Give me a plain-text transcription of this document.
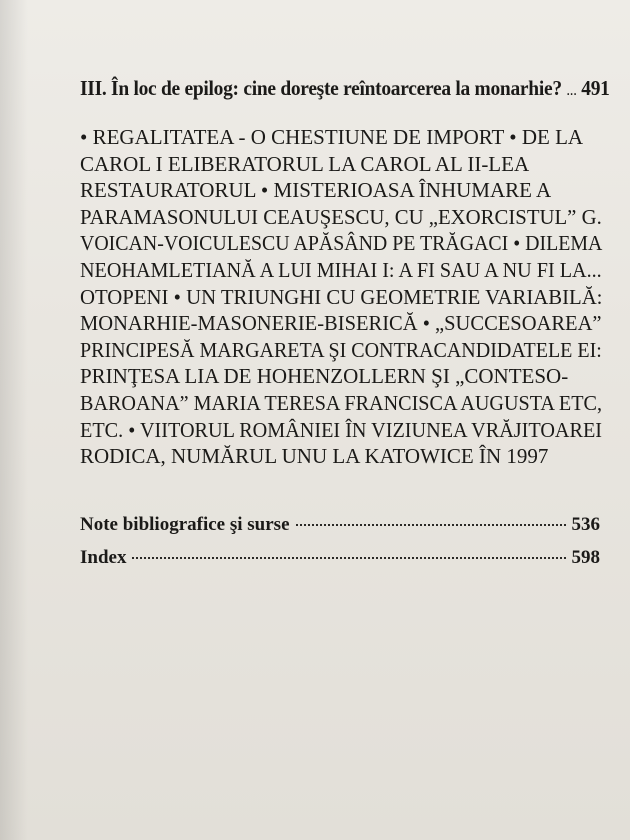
III. În loc de epilog: cine doreşte reîntoarcerea la monarhie? ... 491
• REGALITATEA - O CHESTIUNE DE IMPORT • DE LA
CAROL I ELIBERATORUL LA CAROL AL II-LEA
RESTAURATORUL • MISTERIOASA ÎNHUMARE A
PARAMASONULUI CEAUŞESCU, CU „EXORCISTUL” G.
VOICAN-VOICULESCU APĂSÂND PE TRĂGACI • DILEMA
NEOHAMLETIANĂ A LUI MIHAI I: A FI SAU A NU FI LA...
OTOPENI • UN TRIUNGHI CU GEOMETRIE VARIABILĂ:
MONARHIE-MASONERIE-BISERICĂ • „SUCCESOAREA”
PRINCIPESĂ MARGARETA ŞI CONTRACANDIDATELE EI:
PRINŢESA LIA DE HOHENZOLLERN ŞI „CONTESO-
BAROANA” MARIA TERESA FRANCISCA AUGUSTA ETC,
ETC. • VIITORUL ROMÂNIEI ÎN VIZIUNEA VRĂJITOAREI
RODICA, NUMĂRUL UNU LA KATOWICE ÎN 1997
Note bibliografice şi surse	536
Index	598
